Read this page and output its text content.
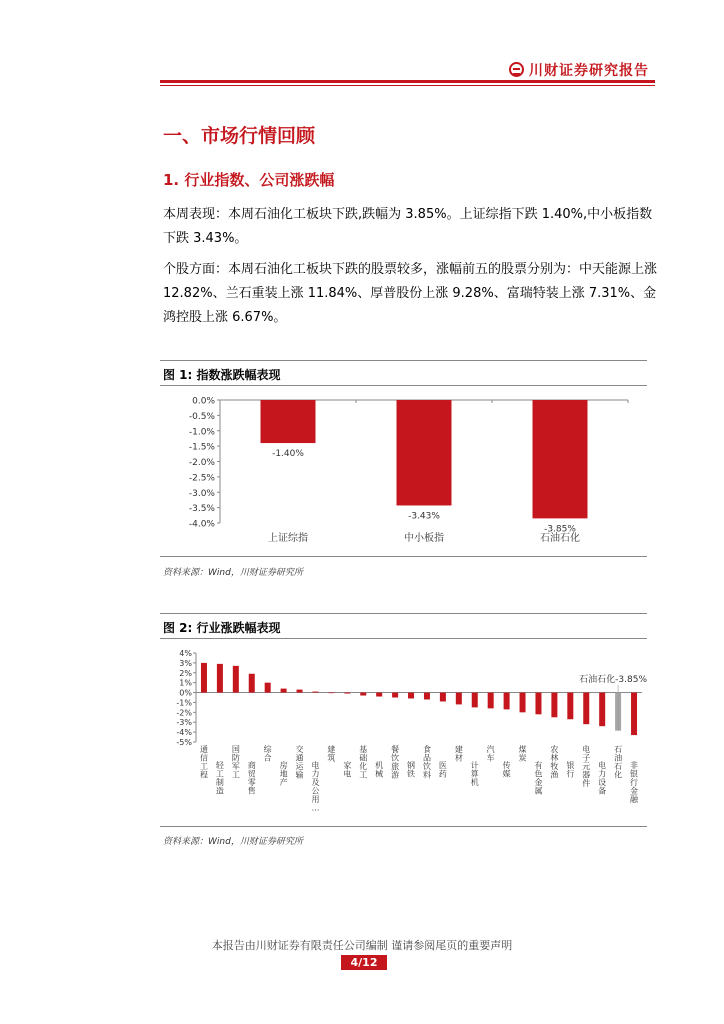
川财证券研究报告
一、市场行情回顾
1. 行业指数、公司涨跌幅
本周表现：本周石油化工板块下跌,跌幅为 3.85%。上证综指下跌 1.40%,中小板指数下跌 3.43%。
个股方面：本周石油化工板块下跌的股票较多，涨幅前五的股票分别为：中天能源上涨 12.82%、兰石重装上涨 11.84%、厚普股份上涨 9.28%、富瑞特装上涨 7.31%、金鸿控股上涨 6.67%。
图 1: 指数涨跌幅表现
0.0%
-0.5%
-1.0%
-1.5%
-2.0%
-2.5%
-3.0%
-3.5%
-4.0%
-1.40%
上证综指
-3.43%
中小板指
-3.85%
石油石化
资料来源：Wind，川财证券研究所
图 2: 行业涨跌幅表现
4%
3%
2%
1%
0%
-1%
-2%
-3%
-4%
-5%
通信工程
轻工制造
国防军工
商贸零售
综合
房地产
交通运输
电力及公用…
建筑
家电
基础化工
机械
餐饮旅游
钢铁
食品饮料
医药
建材
计算机
汽车
传媒
煤炭
有色金属
农林牧渔
银行
电子元器件
电力设备
石油石化
非银行金融
石油石化-3.85%
资料来源：Wind，川财证券研究所
本报告由川财证券有限责任公司编制 谨请参阅尾页的重要声明
4/12
